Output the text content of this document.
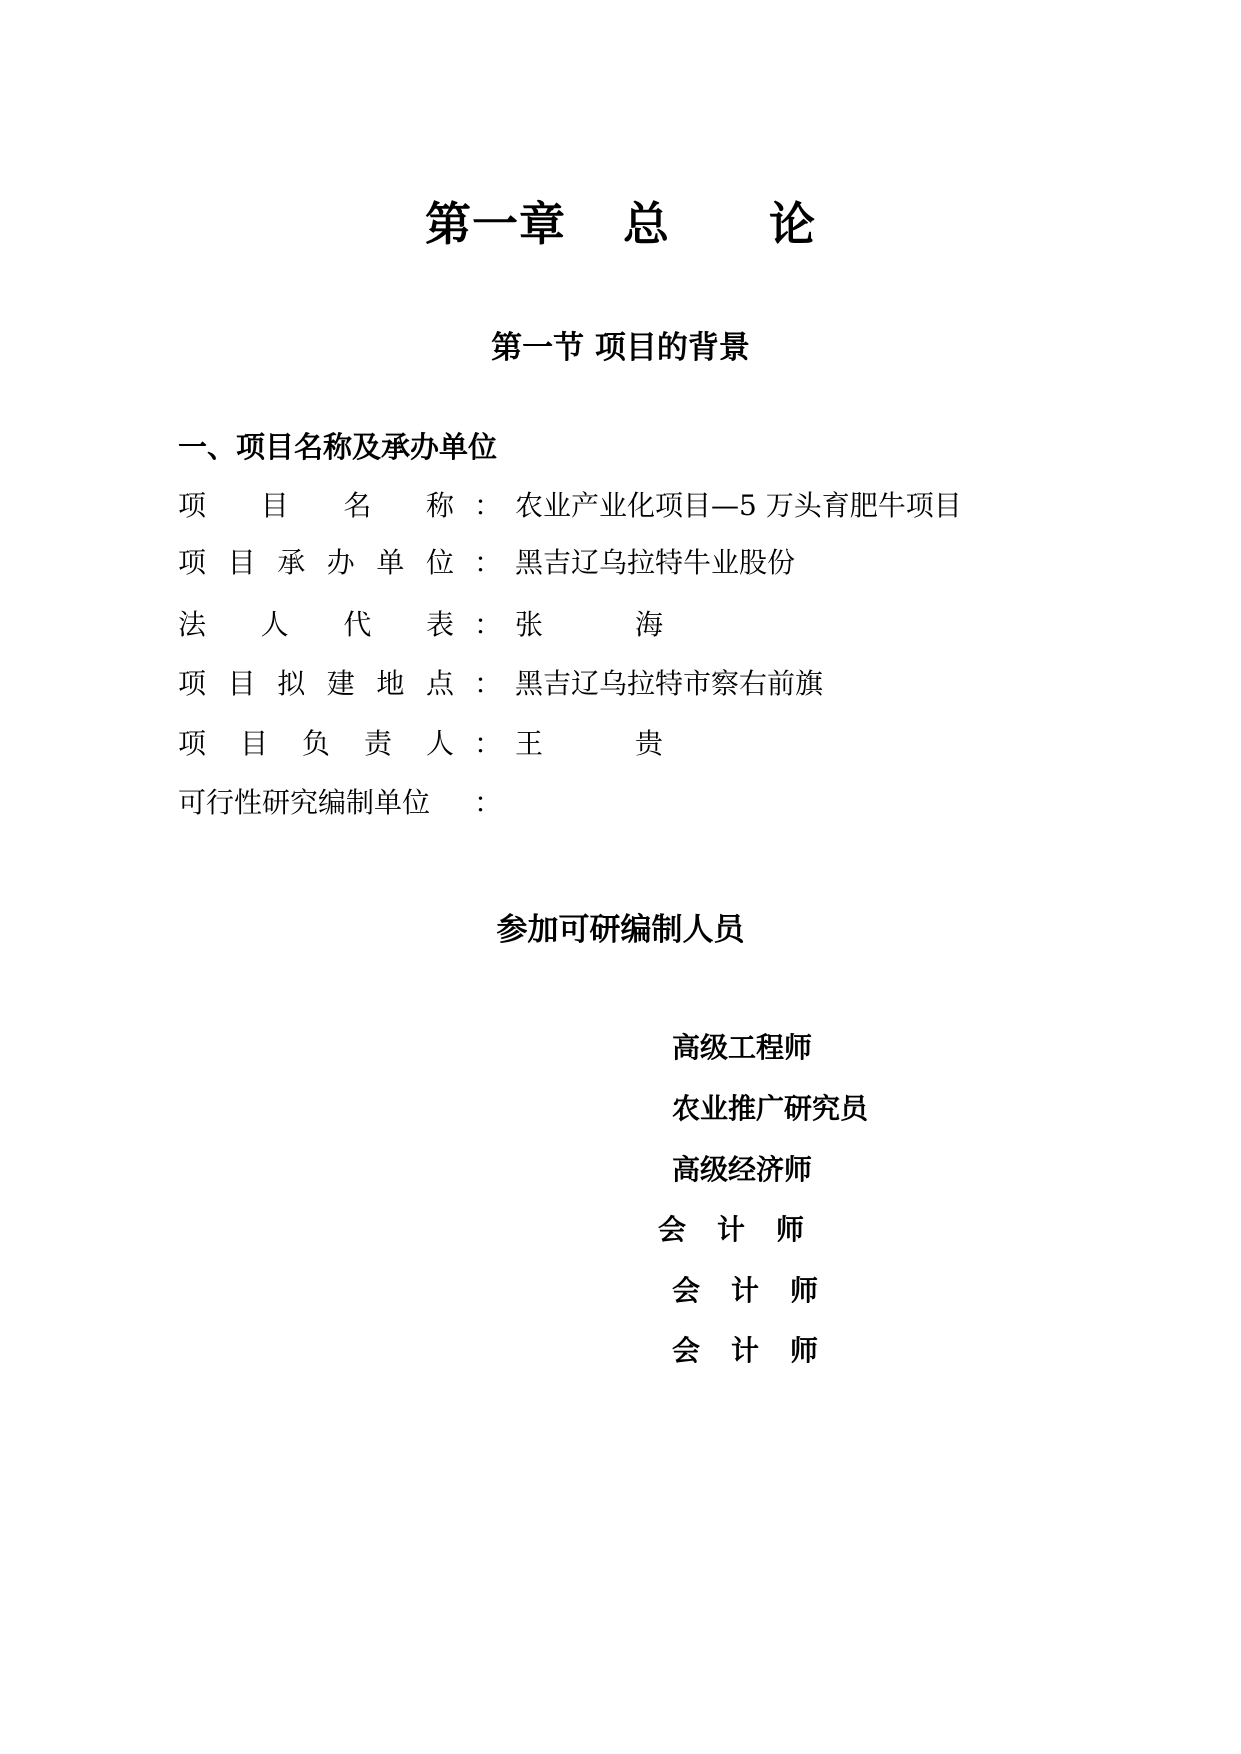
第一章 总 论
第一节 项目的背景
一、项目名称及承办单位
项 目 名 称 ： 农业产业化项目—5 万头育肥牛项目
项 目 承 办 单 位 ： 黑吉辽乌拉特牛业股份
法 人 代 表 ： 张	海
项 目 拟 建 地 点 ： 黑吉辽乌拉特市察右前旗
项 目 负 责 人 ： 王	贵
可行性研究编制单位 ：
参加可研编制人员
高级工程师
农业推广研究员
高级经济师
会 计 师
会 计 师
会 计 师
